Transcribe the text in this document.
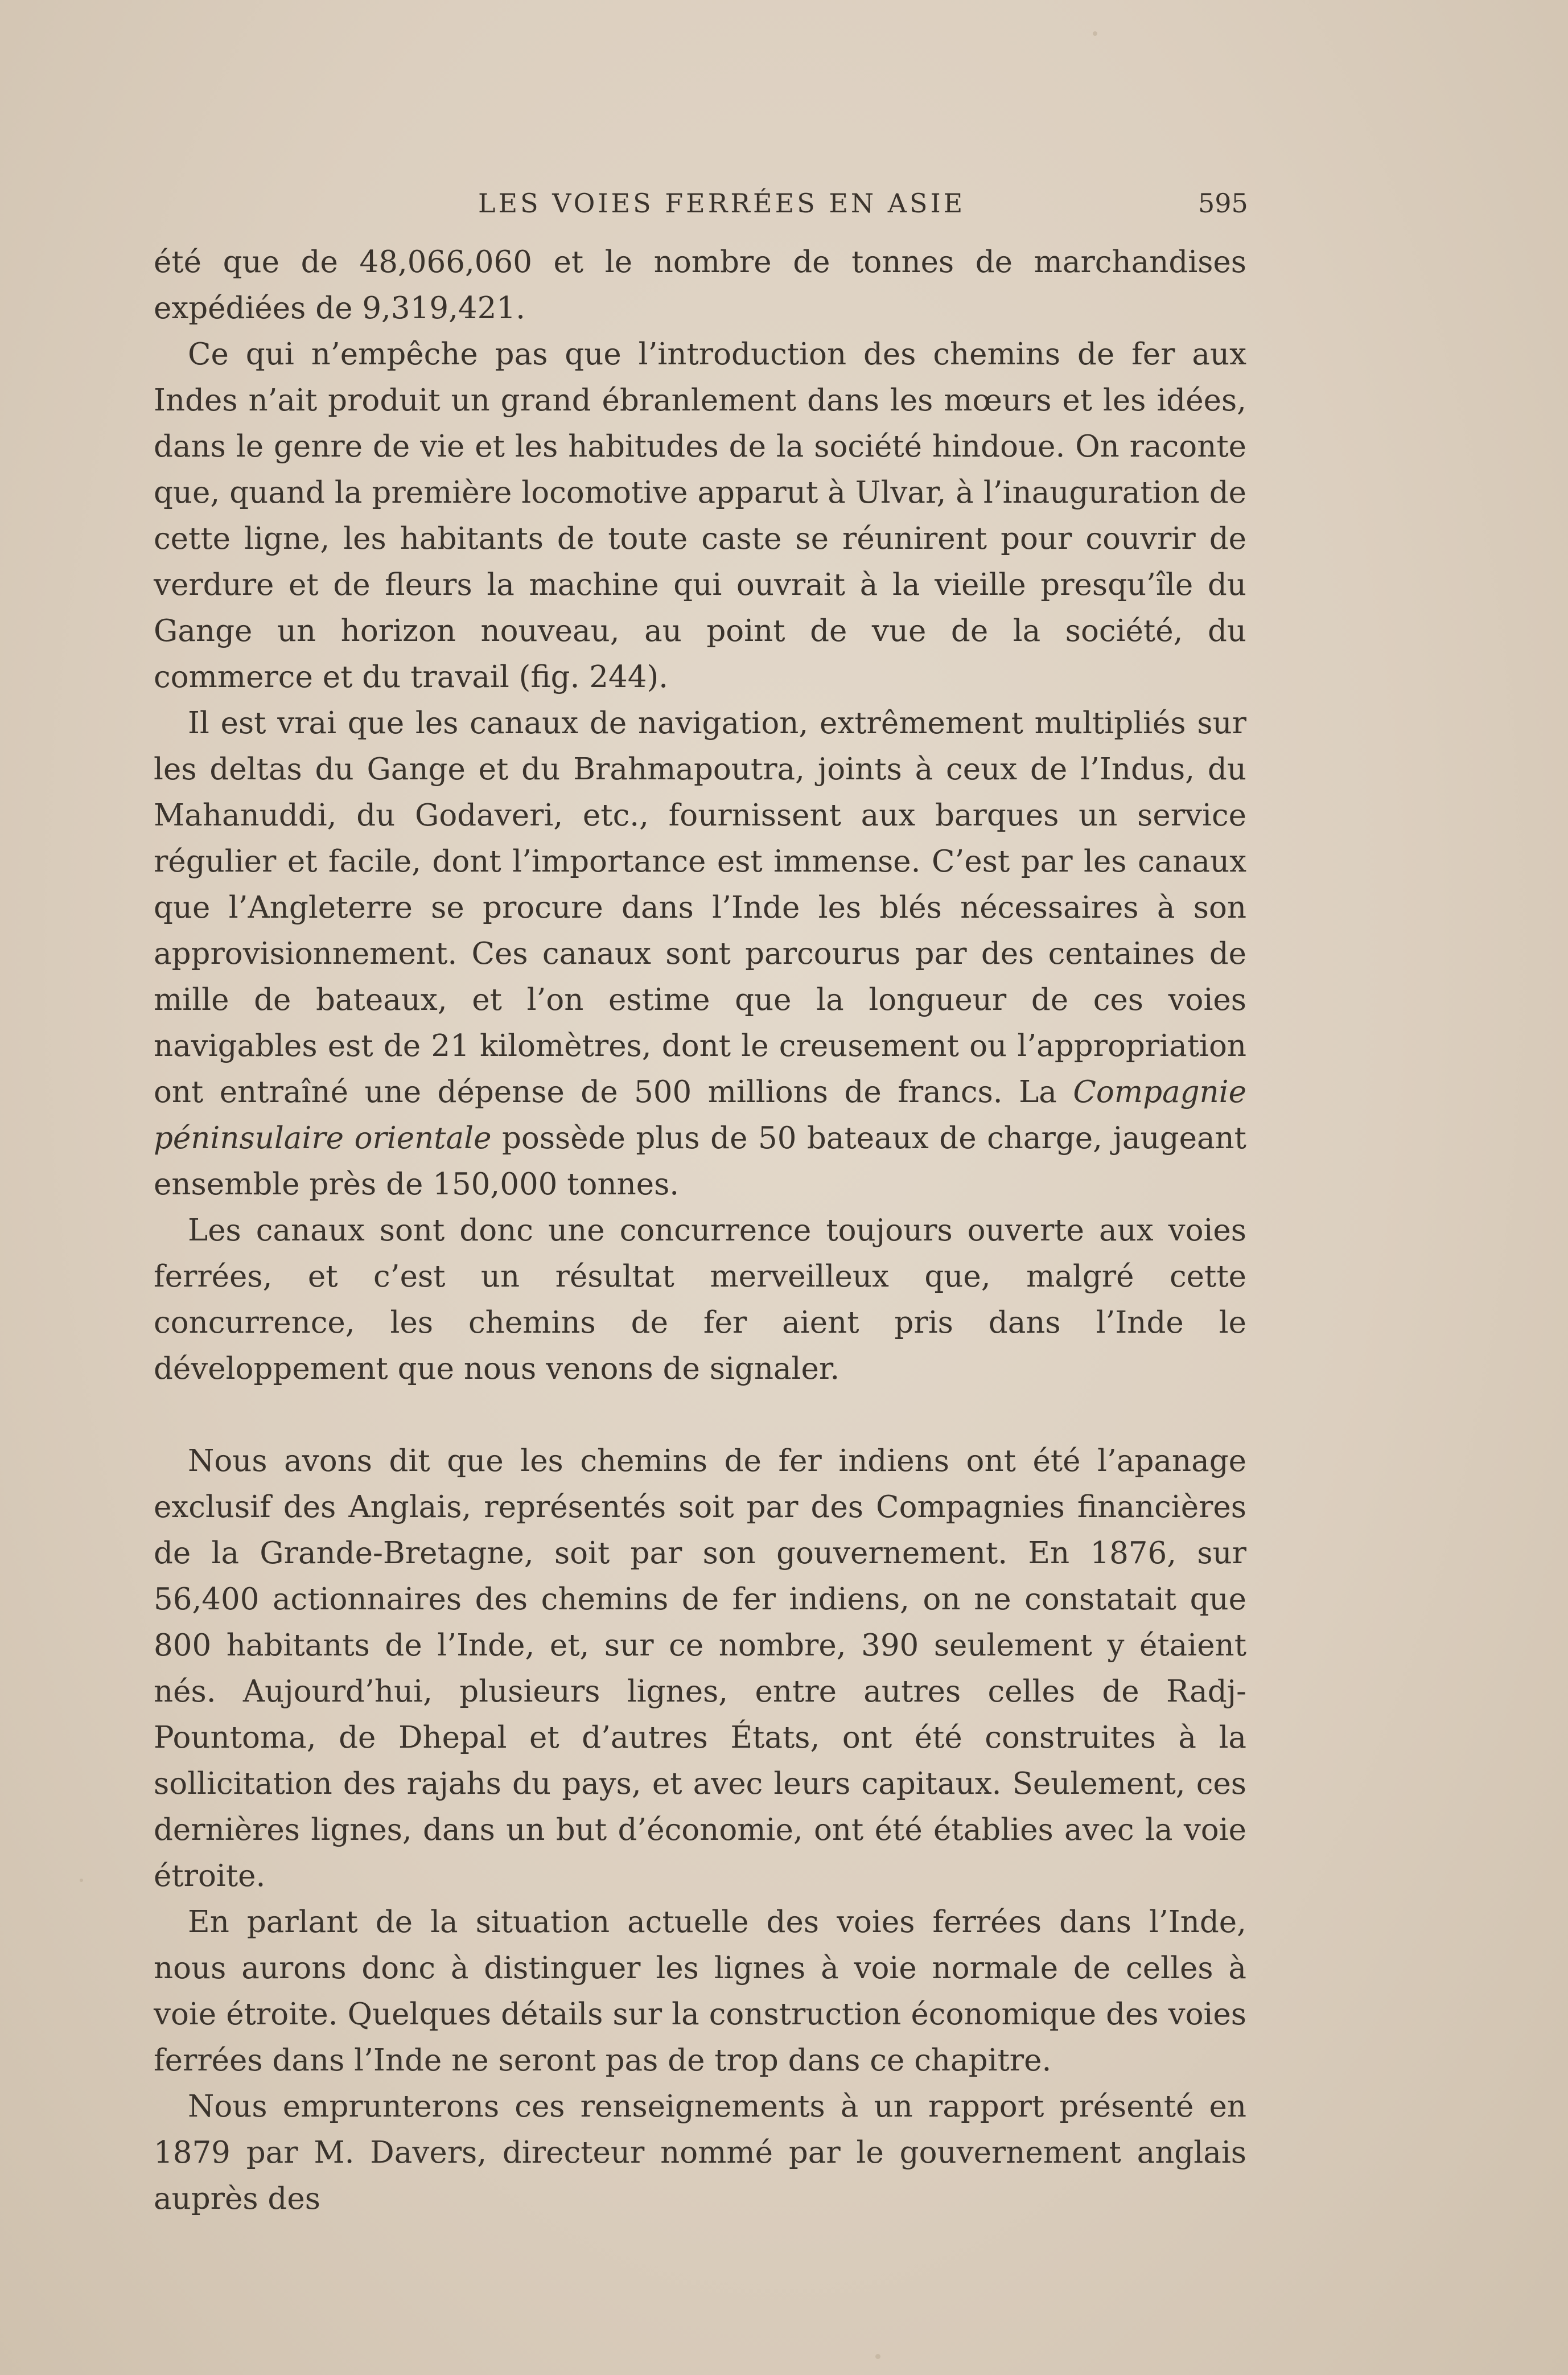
LES VOIES FERRÉES EN ASIE	595

été que de 48,066,060 et le nombre de tonnes de marchandises expédiées de 9,319,421.

Ce qui n’empêche pas que l’introduction des chemins de fer aux Indes n’ait produit un grand ébranlement dans les mœurs et les idées, dans le genre de vie et les habitudes de la société hindoue. On raconte que, quand la première locomotive apparut à Ulvar, à l’inauguration de cette ligne, les habitants de toute caste se réunirent pour couvrir de verdure et de fleurs la machine qui ouvrait à la vieille presqu’île du Gange un horizon nouveau, au point de vue de la société, du commerce et du travail (fig. 244).

Il est vrai que les canaux de navigation, extrêmement multipliés sur les deltas du Gange et du Brahmapoutra, joints à ceux de l’Indus, du Mahanuddi, du Godaveri, etc., fournissent aux barques un service régulier et facile, dont l’importance est immense. C’est par les canaux que l’Angleterre se procure dans l’Inde les blés nécessaires à son approvisionnement. Ces canaux sont parcourus par des centaines de mille de bateaux, et l’on estime que la longueur de ces voies navigables est de 21 kilomètres, dont le creusement ou l’appropriation ont entraîné une dépense de 500 millions de francs. La Compagnie péninsulaire orientale possède plus de 50 bateaux de charge, jaugeant ensemble près de 150,000 tonnes.

Les canaux sont donc une concurrence toujours ouverte aux voies ferrées, et c’est un résultat merveilleux que, malgré cette concurrence, les chemins de fer aient pris dans l’Inde le développement que nous venons de signaler.

Nous avons dit que les chemins de fer indiens ont été l’apanage exclusif des Anglais, représentés soit par des Compagnies financières de la Grande-Bretagne, soit par son gouvernement. En 1876, sur 56,400 actionnaires des chemins de fer indiens, on ne constatait que 800 habitants de l’Inde, et, sur ce nombre, 390 seulement y étaient nés. Aujourd’hui, plusieurs lignes, entre autres celles de Radj-Pountoma, de Dhepal et d’autres États, ont été construites à la sollicitation des rajahs du pays, et avec leurs capitaux. Seulement, ces dernières lignes, dans un but d’économie, ont été établies avec la voie étroite.

En parlant de la situation actuelle des voies ferrées dans l’Inde, nous aurons donc à distinguer les lignes à voie normale de celles à voie étroite. Quelques détails sur la construction économique des voies ferrées dans l’Inde ne seront pas de trop dans ce chapitre.

Nous emprunterons ces renseignements à un rapport présenté en 1879 par M. Davers, directeur nommé par le gouvernement anglais auprès des
